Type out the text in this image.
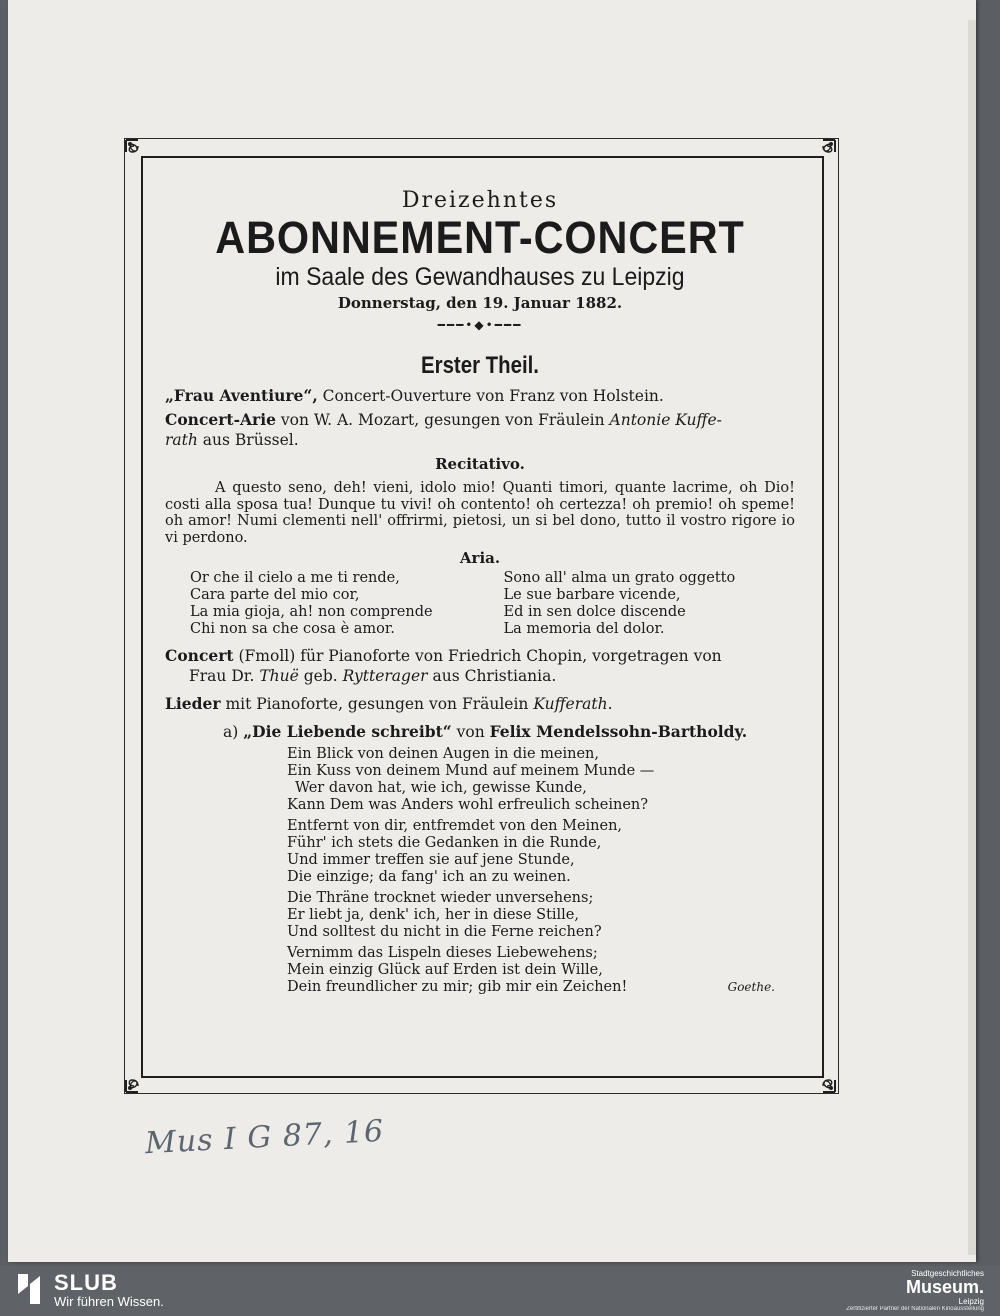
Dreizehntes
ABONNEMENT-CONCERT
im Saale des Gewandhauses zu Leipzig
Donnerstag, den 19. Januar 1882.
━━━•◆•━━━
Erster Theil.
„Frau Aventiure“, Concert-Ouverture von Franz von Holstein.
Concert-Arie von W. A. Mozart, gesungen von Fräulein Antonie Kuffe-
rath aus Brüssel.
Recitativo.
A questo seno, deh! vieni, idolo mio! Quanti timori, quante lacrime, oh Dio! costi alla sposa tua! Dunque tu vivi! oh contento! oh certezza! oh premio! oh speme! oh amor! Numi clementi nell' offrirmi, pietosi, un si bel dono, tutto il vostro rigore io vi perdono.
Aria.
Or che il cielo a me ti rende,
Cara parte del mio cor,
La mia gioja, ah! non comprende
Chi non sa che cosa è amor.
Sono all' alma un grato oggetto
Le sue barbare vicende,
Ed in sen dolce discende
La memoria del dolor.
Concert (Fmoll) für Pianoforte von Friedrich Chopin, vorgetragen von
Frau Dr. Thuë geb. Rytterager aus Christiania.
Lieder mit Pianoforte, gesungen von Fräulein Kufferath.
a) „Die Liebende schreibt“ von Felix Mendelssohn-Bartholdy.
Ein Blick von deinen Augen in die meinen,
Ein Kuss von deinem Mund auf meinem Munde —
Wer davon hat, wie ich, gewisse Kunde,
Kann Dem was Anders wohl erfreulich scheinen?
Entfernt von dir, entfremdet von den Meinen,
Führ' ich stets die Gedanken in die Runde,
Und immer treffen sie auf jene Stunde,
Die einzige; da fang' ich an zu weinen.
Die Thräne trocknet wieder unversehens;
Er liebt ja, denk' ich, her in diese Stille,
Und solltest du nicht in die Ferne reichen?
Vernimm das Lispeln dieses Liebewehens;
Mein einzig Glück auf Erden ist dein Wille,
Dein freundlicher zu mir; gib mir ein Zeichen!	Goethe.
Mus I G 87, 16
SLUB
Wir führen Wissen.
Stadtgeschichtliches
Museum.
Leipzig
Zertifizierter Partner der Nationalen Kinoausstellung
